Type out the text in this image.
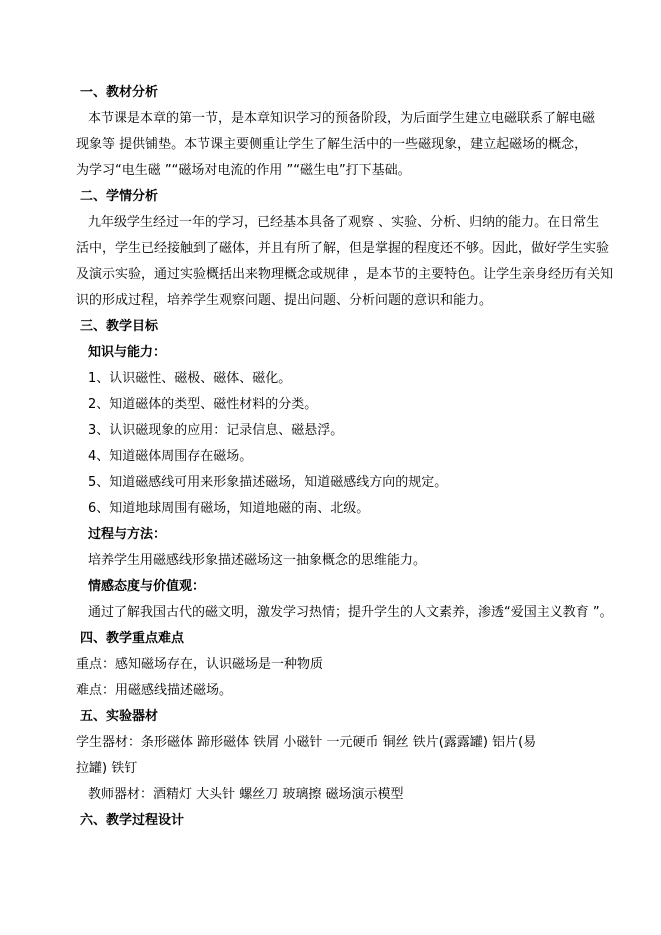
一、教材分析
本节课是本章的第一节，是本章知识学习的预备阶段，为后面学生建立电磁联系了解电磁
现象等 提供铺垫。本节课主要侧重让学生了解生活中的一些磁现象，建立起磁场的概念，
为学习“电生磁 ”“磁场对电流的作用 ”“磁生电”打下基础。
二、学情分析
九年级学生经过一年的学习，已经基本具备了观察 、实验、分析、归纳的能力。在日常生
活中，学生已经接触到了磁体，并且有所了解，但是掌握的程度还不够。因此，做好学生实验
及演示实验，通过实验概括出来物理概念或规律 ，是本节的主要特色。让学生亲身经历有关知
识的形成过程，培养学生观察问题、提出问题、分析问题的意识和能力。
三、教学目标
知识与能力：
1、认识磁性、磁极、磁体、磁化。
2、知道磁体的类型、磁性材料的分类。
3、认识磁现象的应用：记录信息、磁悬浮。
4、知道磁体周围存在磁场。
5、知道磁感线可用来形象描述磁场，知道磁感线方向的规定。
6、知道地球周围有磁场，知道地磁的南、北级。
过程与方法：
培养学生用磁感线形象描述磁场这一抽象概念的思维能力。
情感态度与价值观：
通过了解我国古代的磁文明，激发学习热情；提升学生的人文素养，渗透“爱国主义教育 ”。
四、教学重点难点
重点：感知磁场存在，认识磁场是一种物质
难点：用磁感线描述磁场。
五、实验器材
学生器材：条形磁体 蹄形磁体 铁屑 小磁针 一元硬币 铜丝 铁片(露露罐) 铝片(易
拉罐) 铁钉
教师器材：酒精灯 大头针 螺丝刀 玻璃擦 磁场演示模型
六、教学过程设计
